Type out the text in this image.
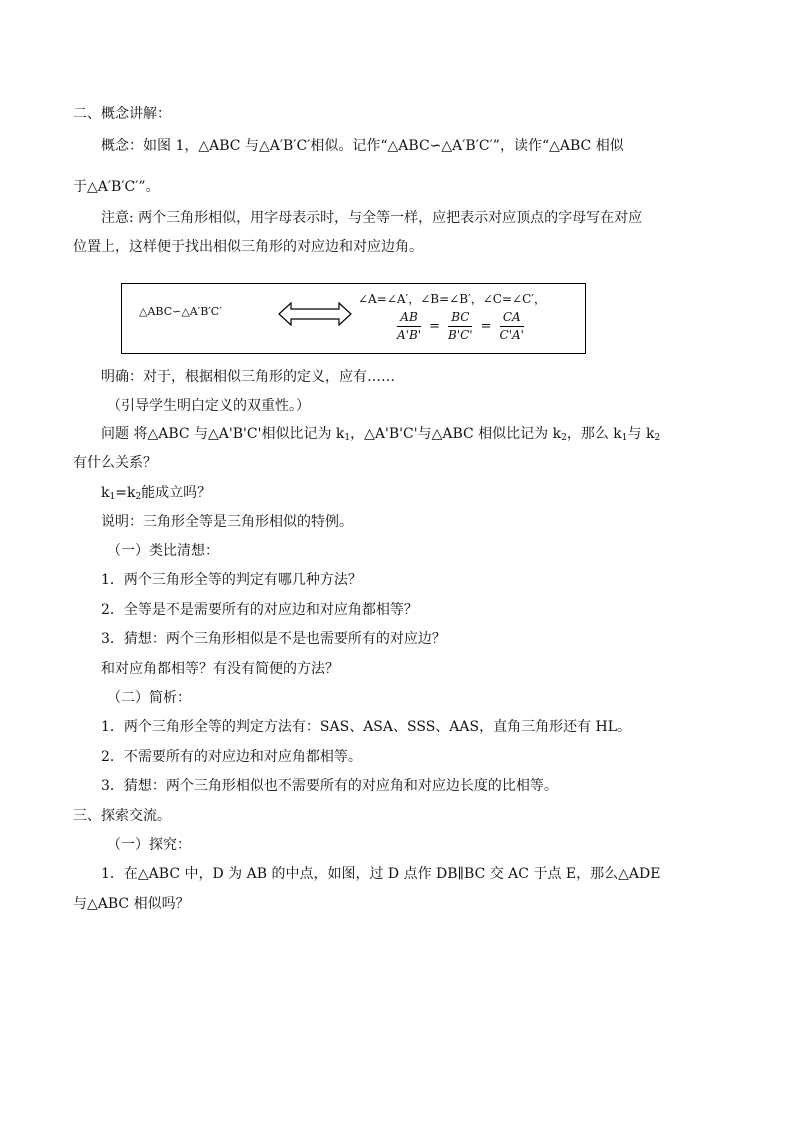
二、概念讲解：
概念：如图 1，△ABC 与△A′B′C′相似。记作“△ABC∽△A′B′C′”，读作“△ABC 相似
于△A′B′C′”。
注意: 两个三角形相似，用字母表示时，与全等一样，应把表示对应顶点的字母写在对应
位置上，这样便于找出相似三角形的对应边和对应边角。
△ABC∽△A′B′C′
∠A=∠A′，∠B=∠B′，∠C=∠C′，
$\frac{AB}{A'B'} = \frac{BC}{B'C'} = \frac{CA}{C'A'}$
明确：对于，根据相似三角形的定义，应有……
（引导学生明白定义的双重性。）
问题 将△ABC 与△A'B'C'相似比记为 $k_1$，△A'B'C'与△ABC 相似比记为 $k_2$，那么 $k_1$与 $k_2$
有什么关系？
$k_1=k_2$能成立吗？
说明：三角形全等是三角形相似的特例。
（一）类比清想：
1．两个三角形全等的判定有哪几种方法？
2．全等是不是需要所有的对应边和对应角都相等？
3．猜想：两个三角形相似是不是也需要所有的对应边？
和对应角都相等？有没有简便的方法？
（二）简析：
1．两个三角形全等的判定方法有：SAS、ASA、SSS、AAS，直角三角形还有 HL。
2．不需要所有的对应边和对应角都相等。
3．猜想：两个三角形相似也不需要所有的对应角和对应边长度的比相等。
三、探索交流。
（一）探究：
1．在△ABC 中，D 为 AB 的中点，如图，过 D 点作 DB∥BC 交 AC 于点 E，那么△ADE
与△ABC 相似吗？
